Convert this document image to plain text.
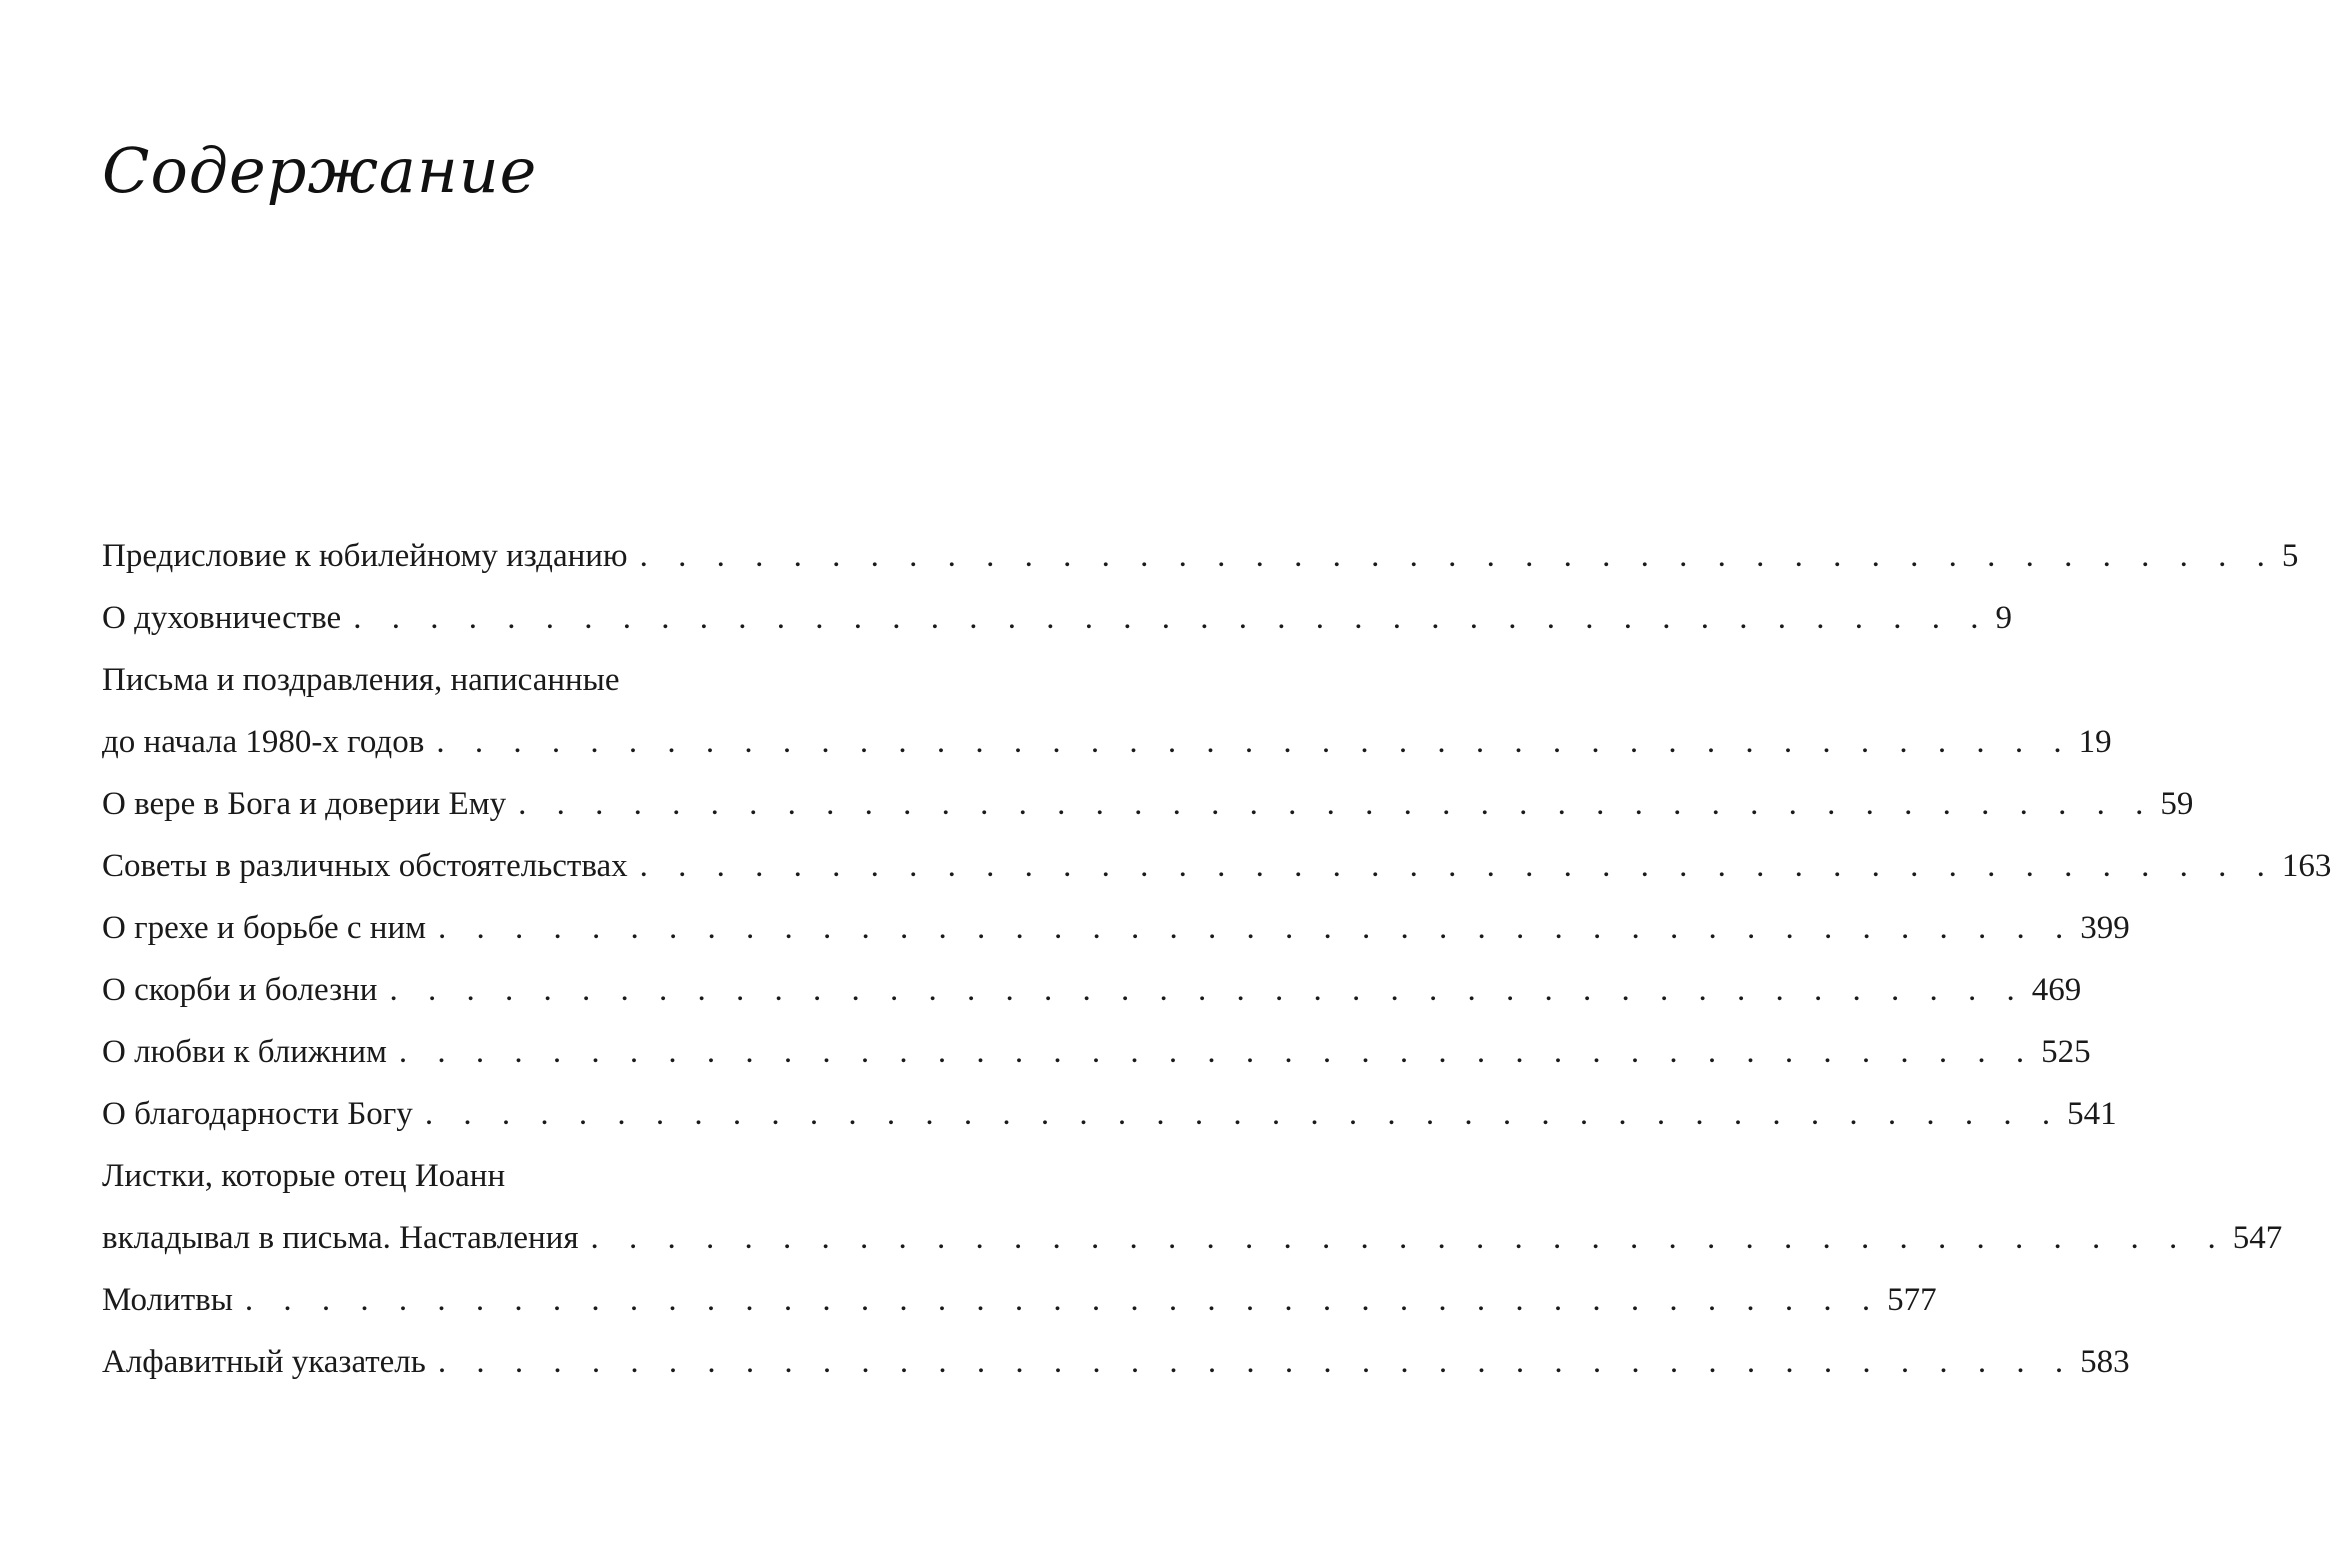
Содержание
Предисловие к юбилейному изданию . . . . . . . . . . . . . . . . . . . . . . . . . . . . . . . . . . . . . . . . . . . 5
О духовничестве . . . . . . . . . . . . . . . . . . . . . . . . . . . . . . . . . . . . . . . . . . . 9
Письма и поздравления, написанные
до начала 1980-х годов . . . . . . . . . . . . . . . . . . . . . . . . . . . . . . . . . . . . . . . . . . . 19
О вере в Бога и доверии Ему . . . . . . . . . . . . . . . . . . . . . . . . . . . . . . . . . . . . . . . . . . . 59
Советы в различных обстоятельствах . . . . . . . . . . . . . . . . . . . . . . . . . . . . . . . . . . . . . . . . . . . 163
О грехе и борьбе с ним . . . . . . . . . . . . . . . . . . . . . . . . . . . . . . . . . . . . . . . . . . . 399
О скорби и болезни . . . . . . . . . . . . . . . . . . . . . . . . . . . . . . . . . . . . . . . . . . . 469
О любви к ближним . . . . . . . . . . . . . . . . . . . . . . . . . . . . . . . . . . . . . . . . . . . 525
О благодарности Богу . . . . . . . . . . . . . . . . . . . . . . . . . . . . . . . . . . . . . . . . . . . 541
Листки, которые отец Иоанн
вкладывал в письма. Наставления . . . . . . . . . . . . . . . . . . . . . . . . . . . . . . . . . . . . . . . . . . . 547
Молитвы . . . . . . . . . . . . . . . . . . . . . . . . . . . . . . . . . . . . . . . . . . . 577
Алфавитный указатель . . . . . . . . . . . . . . . . . . . . . . . . . . . . . . . . . . . . . . . . . . . 583
